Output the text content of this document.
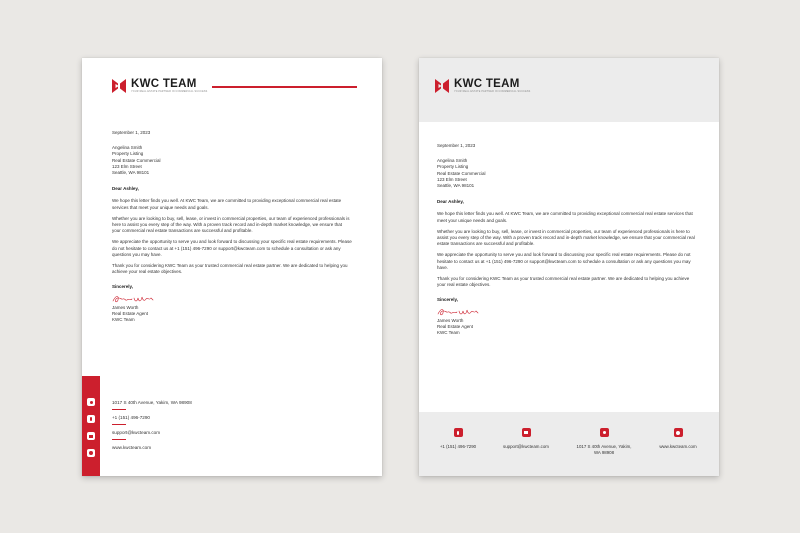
KWC TEAM
YOUR REAL ESTATE PARTNER IN COMMERCIAL SUCCESS

September 1, 2023

Angelina Smith

Property Listing

Real Estate Commercial

123 Elm Street

Seattle, WA 98101

Dear Ashley,

We hope this letter finds you well. At KWC Team, we are committed to providing exceptional commercial real estate services that meet your unique needs and goals.

Whether you are looking to buy, sell, lease, or invest in commercial properties, our team of experienced professionals is here to assist you every step of the way. With a proven track record and in-depth market knowledge, we ensure that your commercial real estate transactions are successful and profitable.

We appreciate the opportunity to serve you and look forward to discussing your specific real estate requirements. Please do not hesitate to contact us at +1 (151) 496-7290 or support@kwcteam.com to schedule a consultation or ask any questions you may have.

Thank you for considering KWC Team as your trusted commercial real estate partner. We are dedicated to helping you achieve your real estate objectives.

Sincerely,

James Worth

Real Estate Agent

KWC Team

1017 S 40th Avenue, Yakim, WA 98908
+1 (151) 496-7290
support@kwcteam.com
www.kwcteam.com
KWC TEAM
YOUR REAL ESTATE PARTNER IN COMMERCIAL SUCCESS

September 1, 2023

Angelina Smith

Property Listing

Real Estate Commercial

123 Elm Street

Seattle, WA 98101

Dear Ashley,

We hope this letter finds you well. At KWC Team, we are committed to providing exceptional commercial real estate services that meet your unique needs and goals.

Whether you are looking to buy, sell, lease, or invest in commercial properties, our team of experienced professionals is here to assist you every step of the way. With a proven track record and in-depth market knowledge, we ensure that your commercial real estate transactions are successful and profitable.

We appreciate the opportunity to serve you and look forward to discussing your specific real estate requirements. Please do not hesitate to contact us at +1 (151) 496-7290 or support@kwcteam.com to schedule a consultation or ask any questions you may have.

Thank you for considering KWC Team as your trusted commercial real estate partner. We are dedicated to helping you achieve your real estate objectives.

Sincerely,

James Worth

Real Estate Agent

KWC Team

+1 (151) 496-7290	support@kwcteam.com	1017 S 40th Avenue, Yakim,
WA 98908
www.kwcteam.com
